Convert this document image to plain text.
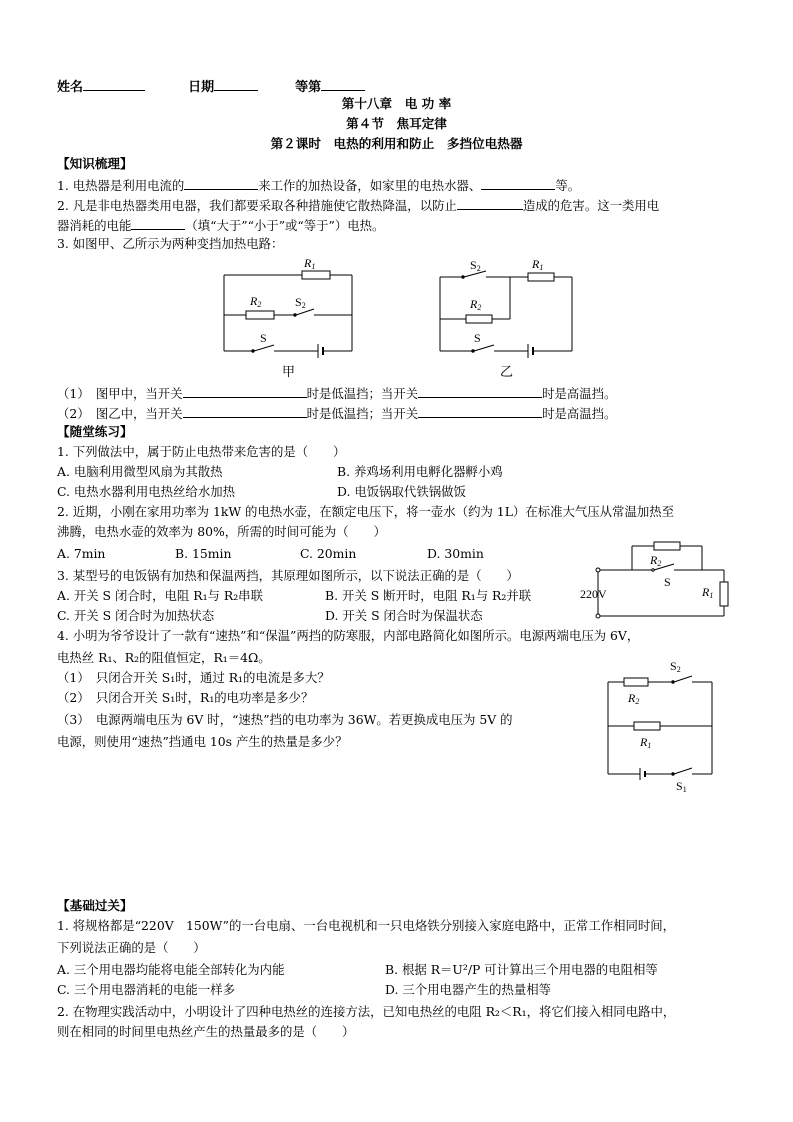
姓名	日期	等第
第十八章　电 功 率
第４节　焦耳定律
第２课时　电热的利用和防止　多挡位电热器
【知识梳理】
1. 电热器是利用电流的	来工作的加热设备，如家里的电热水器、	等。
2. 凡是非电热器类用电器，我们都要采取各种措施使它散热降温，以防止	造成的危害。这一类用电
器消耗的电能	（填“大于”“小于”或“等于”）电热。
3. 如图甲、乙所示为两种变挡加热电路：
R1
R2	S2
S
甲
S2	R1
R2
S
乙
（1）　图甲中，当开关	时是低温挡；当开关	时是高温挡。
（2）　图乙中，当开关	时是低温挡；当开关	时是高温挡。
【随堂练习】
1. 下列做法中，属于防止电热带来危害的是（　　）
A. 电脑利用微型风扇为其散热	B. 养鸡场利用电孵化器孵小鸡
C. 电热水器利用电热丝给水加热	D. 电饭锅取代铁锅做饭
2. 近期，小刚在家用功率为 1kW 的电热水壶，在额定电压下，将一壶水（约为 1L）在标准大气压从常温加热至
沸腾，电热水壶的效率为 80%，所需的时间可能为（　　）
A. 7min	B. 15min	C. 20min	D. 30min
3. 某型号的电饭锅有加热和保温两挡，其原理如图所示，以下说法正确的是（　　）
A. 开关 S 闭合时，电阻 R₁与 R₂串联	B. 开关 S 断开时，电阻 R₁与 R₂并联
C. 开关 S 闭合时为加热状态	D. 开关 S 闭合时为保温状态
R2
S
R1
220V
4. 小明为爷爷设计了一款有“速热”和“保温”两挡的防寒服，内部电路简化如图所示。电源两端电压为 6V，
电热丝 R₁、R₂的阻值恒定，R₁＝4Ω。
（1）　只闭合开关 S₁时，通过 R₁的电流是多大？
（2）　只闭合开关 S₁时，R₁的电功率是多少？
（3）　电源两端电压为 6V 时，“速热”挡的电功率为 36W。若更换成电压为 5V 的
电源，则使用“速热”挡通电 10s 产生的热量是多少？
S2
R2
R1
S1
【基础过关】
1. 将规格都是“220V　150W”的一台电扇、一台电视机和一只电烙铁分别接入家庭电路中，正常工作相同时间，
下列说法正确的是（　　）
A. 三个用电器均能将电能全部转化为内能	B. 根据 R＝U²/P 可计算出三个用电器的电阻相等
C. 三个用电器消耗的电能一样多	D. 三个用电器产生的热量相等
2. 在物理实践活动中，小明设计了四种电热丝的连接方法，已知电热丝的电阻 R₂＜R₁，将它们接入相同电路中，
则在相同的时间里电热丝产生的热量最多的是（　　）
